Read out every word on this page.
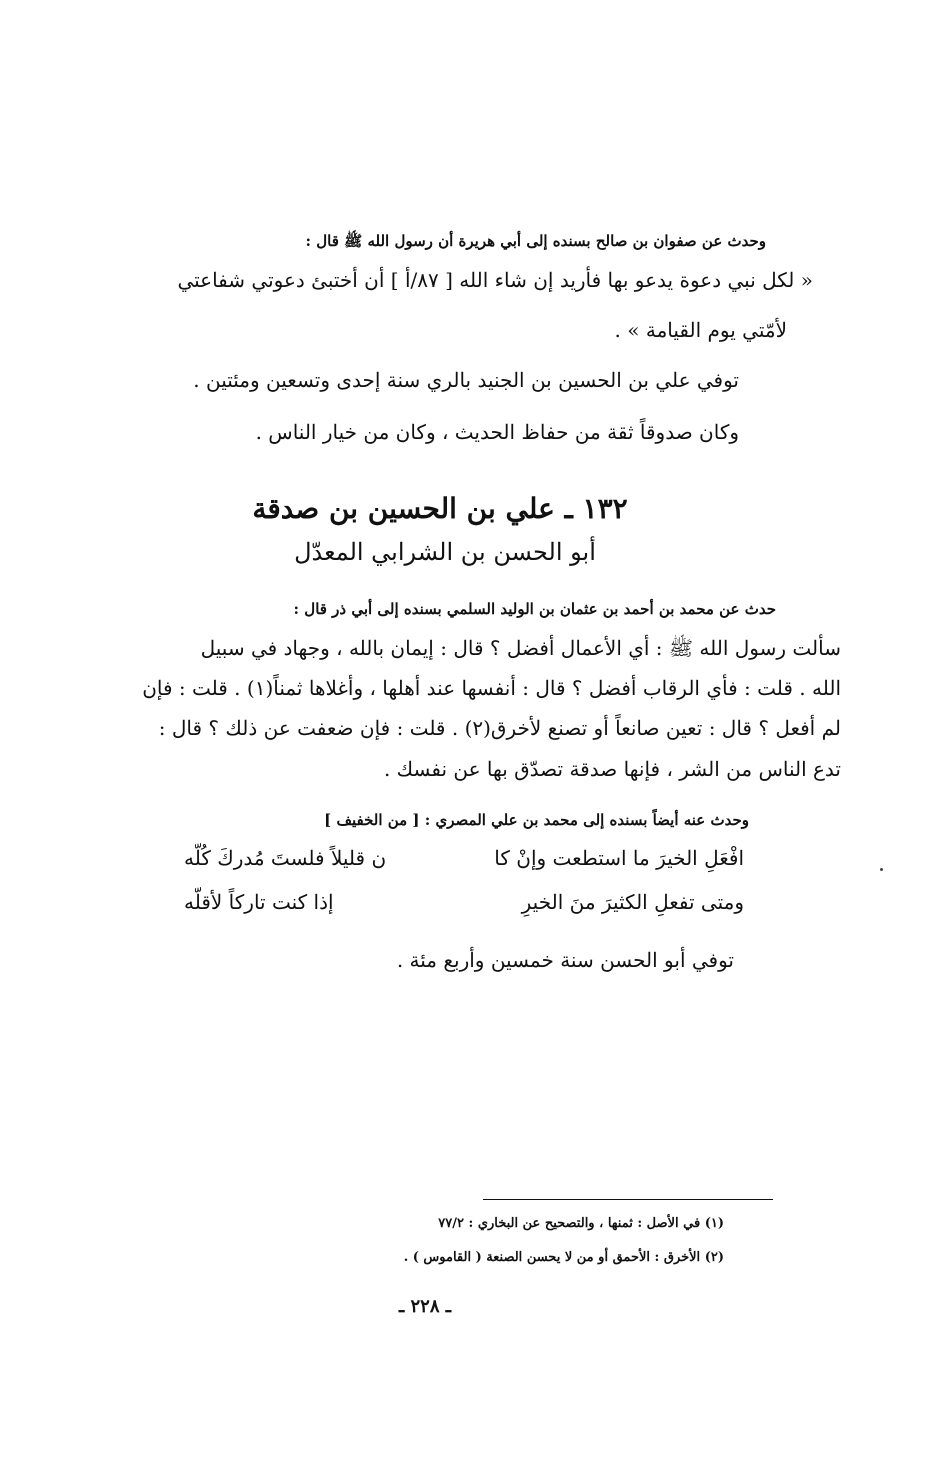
وحدث عن صفوان بن صالح بسنده إلى أبي هريرة أن رسول الله ﷺ قال :
« لكل نبي دعوة يدعو بها فأريد إن شاء الله [ ٨٧/أ ] أن أختبئ دعوتي شفاعتي
لأمّتي يوم القيامة » .
توفي علي بن الحسين بن الجنيد بالري سنة إحدى وتسعين ومئتين .
وكان صدوقاً ثقة من حفاظ الحديث ، وكان من خيار الناس .
١٣٢ ـ علي بن الحسين بن صدقة
أبو الحسن بن الشرابي المعدّل
حدث عن محمد بن أحمد بن عثمان بن الوليد السلمي بسنده إلى أبي ذر قال :
سألت رسول الله ﷺ : أي الأعمال أفضل ؟ قال : إيمان بالله ، وجهاد في سبيل
الله . قلت : فأي الرقاب أفضل ؟ قال : أنفسها عند أهلها ، وأغلاها ثمناً(١) . قلت : فإن
لم أفعل ؟ قال : تعين صانعاً أو تصنع لأخرق(٢) . قلت : فإن ضعفت عن ذلك ؟ قال :
تدع الناس من الشر ، فإنها صدقة تصدّق بها عن نفسك .
وحدث عنه أيضاً بسنده إلى محمد بن علي المصري : [ من الخفيف ]
افْعَلِ الخيرَ ما استطعت وإنْ كا
ن قليلاً فلستَ مُدركَ كُلّه
ومتى تفعلِ الكثيرَ منَ الخيرِ
إذا كنت تاركاً لأقلّه
توفي أبو الحسن سنة خمسين وأربع مئة .
(١) في الأصل : ثمنها ، والتصحيح عن البخاري : ٧٧/٢
(٢) الأخرق : الأحمق أو من لا يحسن الصنعة ( القاموس ) .
ـ ٢٢٨ ـ
